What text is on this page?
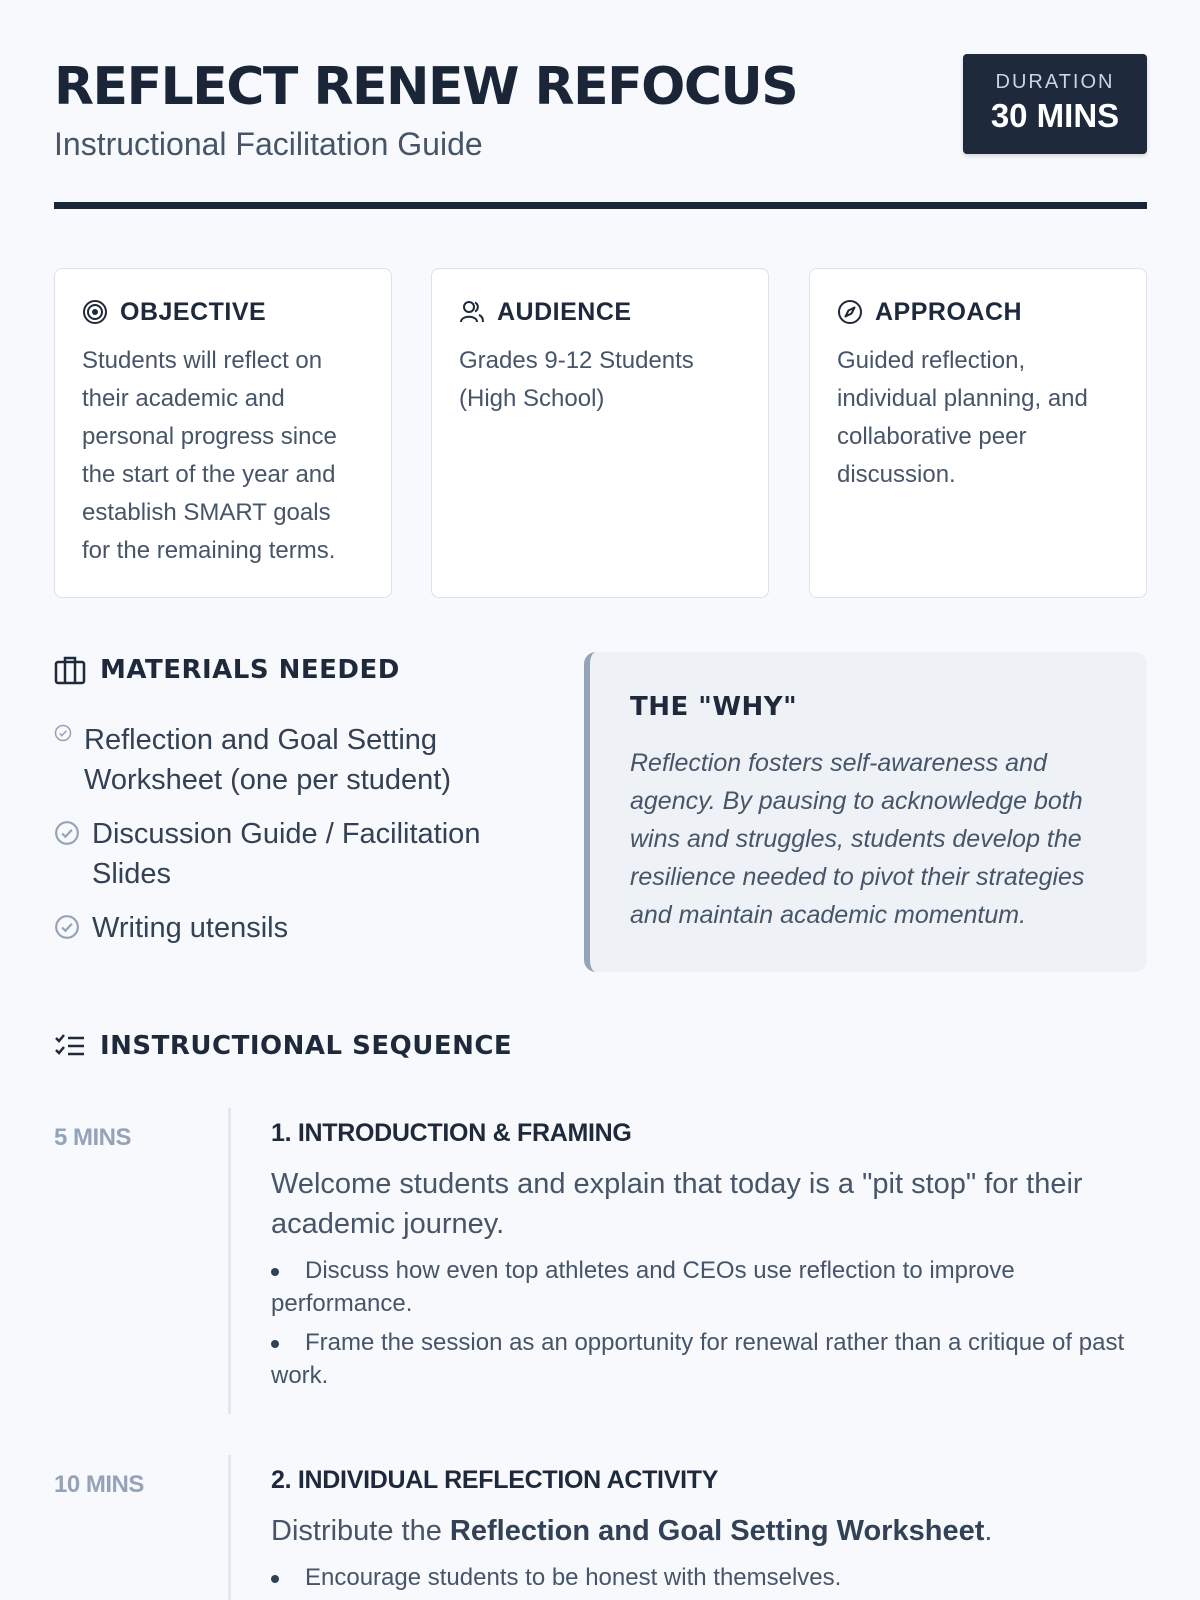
REFLECT RENEW REFOCUS
Instructional Facilitation Guide
DURATION
30 MINS
OBJECTIVE

Students will reflect on their academic and personal progress since the start of the year and establish SMART goals for the remaining terms.

AUDIENCE

Grades 9-12 Students (High School)

APPROACH

Guided reflection, individual planning, and collaborative peer discussion.

MATERIALS NEEDED
Reflection and Goal Setting Worksheet (one per student)
Discussion Guide / Facilitation Slides
Writing utensils
THE "WHY"

Reflection fosters self-awareness and agency. By pausing to acknowledge both wins and struggles, students develop the resilience needed to pivot their strategies and maintain academic momentum.

INSTRUCTIONAL SEQUENCE
5 MINS	1. INTRODUCTION & FRAMING

Welcome students and explain that today is a "pit stop" for their academic journey.

Discuss how even top athletes and CEOs use reflection to improve performance.
Frame the session as an opportunity for renewal rather than a critique of past work.
10 MINS	2. INDIVIDUAL REFLECTION ACTIVITY

Distribute the Reflection and Goal Setting Worksheet.

Encourage students to be honest with themselves.
